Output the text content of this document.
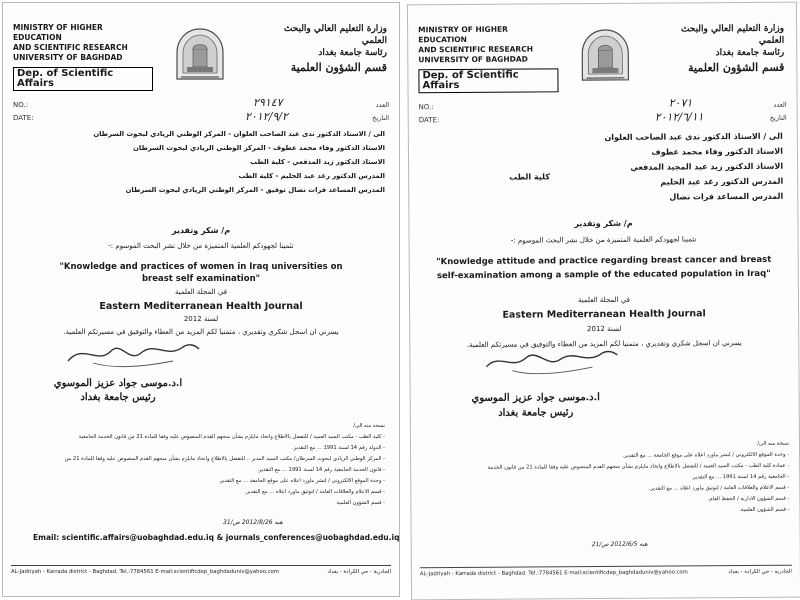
MINISTRY OF HIGHER EDUCATION
AND SCIENTIFIC RESEARCH
UNIVERSITY OF BAGHDAD
Dep. of Scientific Affairs
وزارة التعليم العالي والبحث العلمي
رئاسة جامعة بغداد
قسم الشؤون العلمية
NO.:	٢٩١٤٧	العدد
DATE:	٢٠١٢/٩/٢	التاريخ
الى / الاستاذ الدكتور ندى عبد الصاحب العلوان - المركز الوطني الريادي لبحوث السرطان
الاستاذ الدكتور وفاء محمد عطوف - المركز الوطني الريادي لبحوث السرطان
الاستاذ الدكتور زيد المدفعي - كلية الطب
المدرس الدكتور رغد عبد الحليم - كلية الطب
المدرس المساعد فرات نضال توفيق - المركز الوطني الريادي لبحوث السرطان
م/ شكر وتقدير
تثمينا لجهودكم العلمية المتميزة من خلال نشر البحث الموسوم :-
"Knowledge and practices of women in Iraq universities on breast self examination"
في المجلة العلمية
Eastern Mediterranean Health Journal
لسنة 2012
يسرني ان اسجل شكري وتقديري ، متمنيا لكم المزيد من العطاء والتوفيق في مسيرتكم العلمية.
ا.د.موسى جواد عزيز الموسوي
رئيس جامعة بغداد
نسخة منه الى/
- كلية الطب - مكتب السيد العميد / للتفضل بالاطلاع واتخاذ مايلزم بشأن منحهم القدم المنصوص عليه وفقا للمادة 21 من قانون الخدمة الجامعية
- الدولة رقم 14 لسنة 1991 ... مع التقدير.
- المركز الوطني الريادي لبحوث السرطان/ مكتب السيد المدير .. للتفضل بالاطلاع واتخاذ مايلزم بشأن منحهم القدم المنصوص عليه وفقا للمادة 21 من
- قانون الخدمة الجامعية رقم 14 لسنة 1991 ... مع التقدير.
- وحدة الموقع الالكتروني / لنشر ماورد اعلاه على موقع الجامعة ... مع التقدير.
- قسم الاعلام والعلاقات العامة / لتوثيق ماورد اعلاه ... مع التقدير.
- قسم الشؤون العلمية
هبه 2012/8/26 ص/31
Email: scientific.affairs@uobaghdad.edu.iq & journals_conferences@uobaghdad.edu.iq
AL-Jadriyah - Karrada district - Baghdad. Tel.:7784561 E-mail:scientificdep_baghdaduniv@yahoo.com	الجادرية - حي الكرادة - بغداد
MINISTRY OF HIGHER EDUCATION
AND SCIENTIFIC RESEARCH
UNIVERSITY OF BAGHDAD
Dep. of Scientific Affairs
وزارة التعليم العالي والبحث العلمي
رئاسة جامعة بغداد
قسم الشؤون العلمية
NO.:	٢٠٧١	العدد
DATE:	٢٠١٢/٦/١١	التاريخ
الى / الاستاذ الدكتور ندى عبد الصاحب العلوان
الاستاذ الدكتور وفاء محمد عطوف
الاستاذ الدكتور زيد عبد المجيد المدفعي
المدرس الدكتور رغد عبد الحليم
المدرس المساعد فرات نضال
كلية الطب
م/ شكر وتقدير
تثمينا لجهودكم العلمية المتميزة من خلال نشر البحث الموسوم :-
"Knowledge attitude and practice regarding breast cancer and breast self-examination among a sample of the educated population in Iraq"
في المجلة العلمية
Eastern Mediterranean Health Journal
لسنة 2012
يسرني ان اسجل شكري وتقديري ، متمنيا لكم المزيد من العطاء والتوفيق في مسيرتكم العلمية.
ا.د.موسى جواد عزيز الموسوي
رئيس جامعة بغداد
نسخة منه الى/
- وحدة الموقع الالكتروني / لنشر ماورد اعلاه على موقع الجامعة ... مع التقدير.
- عمادة كلية الطب - مكتب السيد العميد / للتفضل بالاطلاع واتخاذ مايلزم بشأن منحهم القدم المنصوص عليه وفقا للمادة 21 من قانون الخدمة
- الجامعية رقم 14 لسنة 1991 ... مع التقدير.
- قسم الاعلام والعلاقات العامة / لتوثيق ماورد اعلاه ... مع التقدير.
- قسم الشؤون الادارية / الحفظ العام.
- قسم الشؤون العلمية.
هبه 2012/6/5 ص/21
AL-Jadriyah - Karrada district - Baghdad. Tel.:7784561 E-mail:scientificdep_baghdaduniv@yahoo.com	الجادرية - حي الكرادة - بغداد
